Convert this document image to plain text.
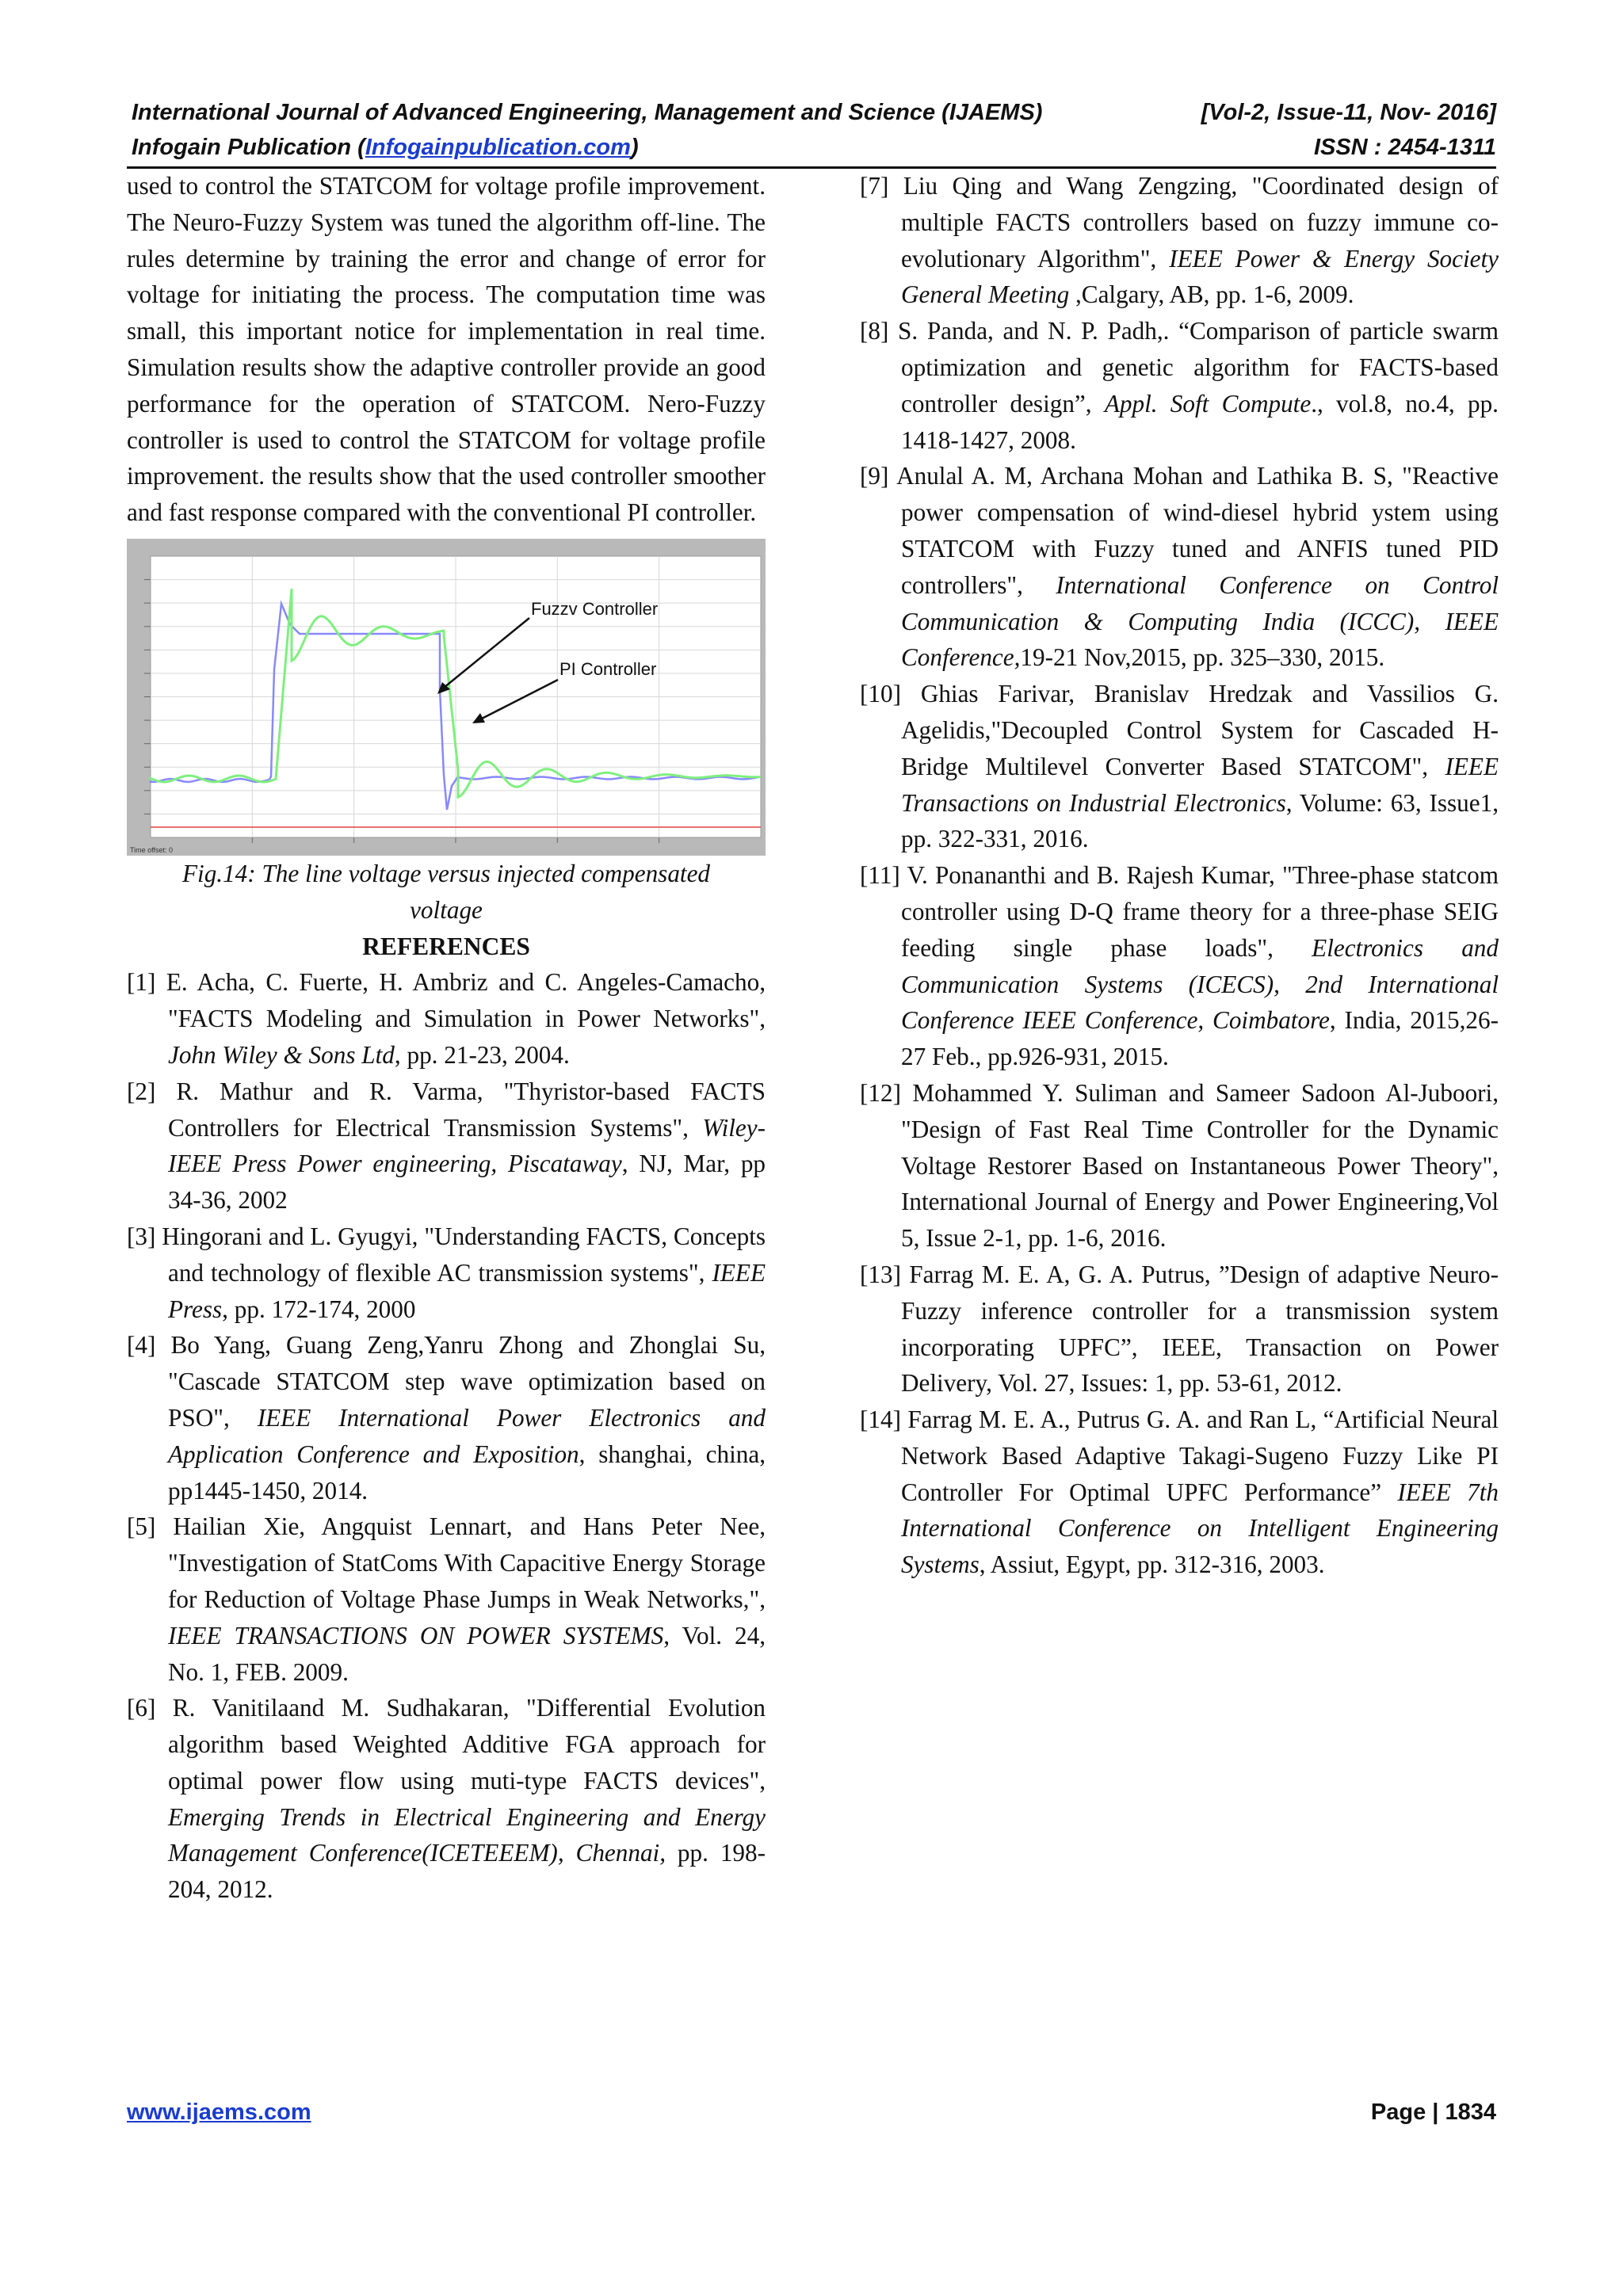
International Journal of Advanced Engineering, Management and Science (IJAEMS)	[Vol-2, Issue-11, Nov- 2016]
Infogain Publication (Infogainpublication.com)	ISSN : 2454-1311

used to control the STATCOM for voltage profile improvement. The Neuro-Fuzzy System was tuned the algorithm off-line. The rules determine by training the error and change of error for voltage for initiating the process. The computation time was small, this important notice for implementation in real time. Simulation results show the adaptive controller provide an good performance for the operation of STATCOM. Nero-Fuzzy controller is used to control the STATCOM for voltage profile improvement. the results show that the used controller smoother and fast response compared with the conventional PI controller.

Fuzzv Controller
PI Controller
Time offset: 0

Fig.14: The line voltage versus injected compensated voltage

REFERENCES

[1] E. Acha, C. Fuerte, H. Ambriz and C. Angeles-Camacho, "FACTS Modeling and Simulation in Power Networks", John Wiley & Sons Ltd, pp. 21-23, 2004.

[2] R. Mathur and R. Varma, "Thyristor-based FACTS Controllers for Electrical Transmission Systems", Wiley-IEEE Press Power engineering, Piscataway, NJ, Mar, pp 34-36, 2002

[3] Hingorani and L. Gyugyi, "Understanding FACTS, Concepts and technology of flexible AC transmission systems", IEEE Press, pp. 172-174, 2000

[4] Bo Yang, Guang Zeng,Yanru Zhong and Zhonglai Su, "Cascade STATCOM step wave optimization based on PSO", IEEE International Power Electronics and Application Conference and Exposition, shanghai, china, pp1445-1450, 2014.

[5] Hailian Xie, Angquist Lennart, and Hans Peter Nee, "Investigation of StatComs With Capacitive Energy Storage for Reduction of Voltage Phase Jumps in Weak Networks,", IEEE TRANSACTIONS ON POWER SYSTEMS, Vol. 24, No. 1, FEB. 2009.

[6] R. Vanitilaand M. Sudhakaran, "Differential Evolution algorithm based Weighted Additive FGA approach for optimal power flow using muti-type FACTS devices", Emerging Trends in Electrical Engineering and Energy Management Conference(ICETEEEM), Chennai, pp. 198-204, 2012.

[7] Liu Qing and Wang Zengzing, "Coordinated design of multiple FACTS controllers based on fuzzy immune co-evolutionary Algorithm", IEEE Power & Energy Society General Meeting ,Calgary, AB, pp. 1-6, 2009.

[8] S. Panda, and N. P. Padh,. “Comparison of particle swarm optimization and genetic algorithm for FACTS-based controller design”, Appl. Soft Compute., vol.8, no.4, pp. 1418-1427, 2008.

[9] Anulal A. M, Archana Mohan and Lathika B. S, "Reactive power compensation of wind-diesel hybrid ystem using STATCOM with Fuzzy tuned and ANFIS tuned PID controllers", International Conference on Control Communication & Computing India (ICCC), IEEE Conference,19-21 Nov,2015, pp. 325–330, 2015.

[10] Ghias Farivar, Branislav Hredzak and Vassilios G. Agelidis,"Decoupled Control System for Cascaded H-Bridge Multilevel Converter Based STATCOM", IEEE Transactions on Industrial Electronics, Volume: 63, Issue1, pp. 322-331, 2016.

[11] V. Ponananthi and B. Rajesh Kumar, "Three-phase statcom controller using D-Q frame theory for a three-phase SEIG feeding single phase loads", Electronics and Communication Systems (ICECS), 2nd International Conference IEEE Conference, Coimbatore, India, 2015,26-27 Feb., pp.926-931, 2015.

[12] Mohammed Y. Suliman and Sameer Sadoon Al-Juboori, "Design of Fast Real Time Controller for the Dynamic Voltage Restorer Based on Instantaneous Power Theory", International Journal of Energy and Power Engineering,Vol 5, Issue 2-1, pp. 1-6, 2016.

[13] Farrag M. E. A, G. A. Putrus, ”Design of adaptive Neuro-Fuzzy inference controller for a transmission system incorporating UPFC”, IEEE, Transaction on Power Delivery, Vol. 27, Issues: 1, pp. 53-61, 2012.

[14] Farrag M. E. A., Putrus G. A. and Ran L, “Artificial Neural Network Based Adaptive Takagi-Sugeno Fuzzy Like PI Controller For Optimal UPFC Performance” IEEE 7th International Conference on Intelligent Engineering Systems, Assiut, Egypt, pp. 312-316, 2003.

www.ijaems.com	Page | 1834
